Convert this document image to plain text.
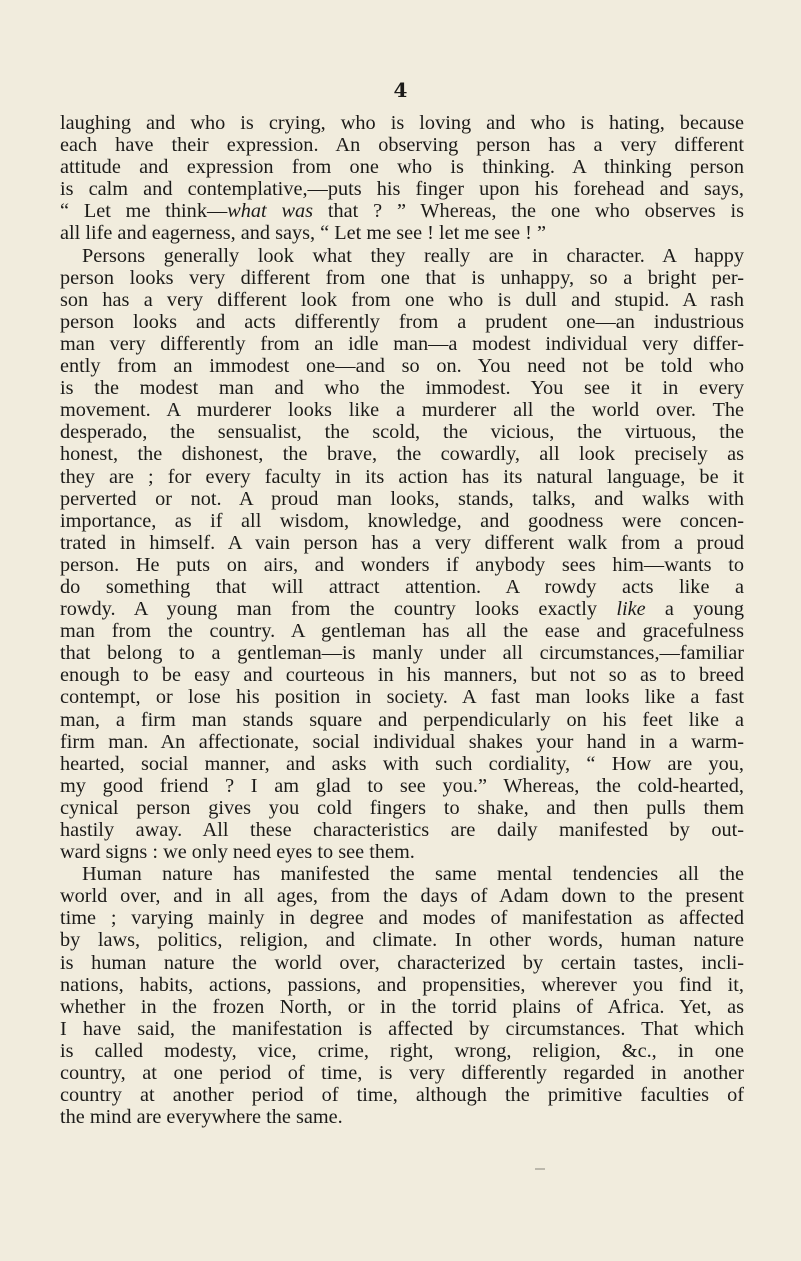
4
laughing and who is crying, who is loving and who is hating, because
each have their expression. An observing person has a very different
attitude and expression from one who is thinking. A thinking person
is calm and contemplative,—puts his finger upon his forehead and says,
“ Let me think—what was that ? ” Whereas, the one who observes is
all life and eagerness, and says, “ Let me see ! let me see ! ”
Persons generally look what they really are in character. A happy
person looks very different from one that is unhappy, so a bright per-
son has a very different look from one who is dull and stupid. A rash
person looks and acts differently from a prudent one—an industrious
man very differently from an idle man—a modest individual very differ-
ently from an immodest one—and so on. You need not be told who
is the modest man and who the immodest. You see it in every
movement. A murderer looks like a murderer all the world over. The
desperado, the sensualist, the scold, the vicious, the virtuous, the
honest, the dishonest, the brave, the cowardly, all look precisely as
they are ; for every faculty in its action has its natural language, be it
perverted or not. A proud man looks, stands, talks, and walks with
importance, as if all wisdom, knowledge, and goodness were concen-
trated in himself. A vain person has a very different walk from a proud
person. He puts on airs, and wonders if anybody sees him—wants to
do something that will attract attention. A rowdy acts like a
rowdy. A young man from the country looks exactly like a young
man from the country. A gentleman has all the ease and gracefulness
that belong to a gentleman—is manly under all circumstances,—familiar
enough to be easy and courteous in his manners, but not so as to breed
contempt, or lose his position in society. A fast man looks like a fast
man, a firm man stands square and perpendicularly on his feet like a
firm man. An affectionate, social individual shakes your hand in a warm-
hearted, social manner, and asks with such cordiality, “ How are you,
my good friend ? I am glad to see you.” Whereas, the cold-hearted,
cynical person gives you cold fingers to shake, and then pulls them
hastily away. All these characteristics are daily manifested by out-
ward signs : we only need eyes to see them.
Human nature has manifested the same mental tendencies all the
world over, and in all ages, from the days of Adam down to the present
time ; varying mainly in degree and modes of manifestation as affected
by laws, politics, religion, and climate. In other words, human nature
is human nature the world over, characterized by certain tastes, incli-
nations, habits, actions, passions, and propensities, wherever you find it,
whether in the frozen North, or in the torrid plains of Africa. Yet, as
I have said, the manifestation is affected by circumstances. That which
is called modesty, vice, crime, right, wrong, religion, &c., in one
country, at one period of time, is very differently regarded in another
country at another period of time, although the primitive faculties of
the mind are everywhere the same.
